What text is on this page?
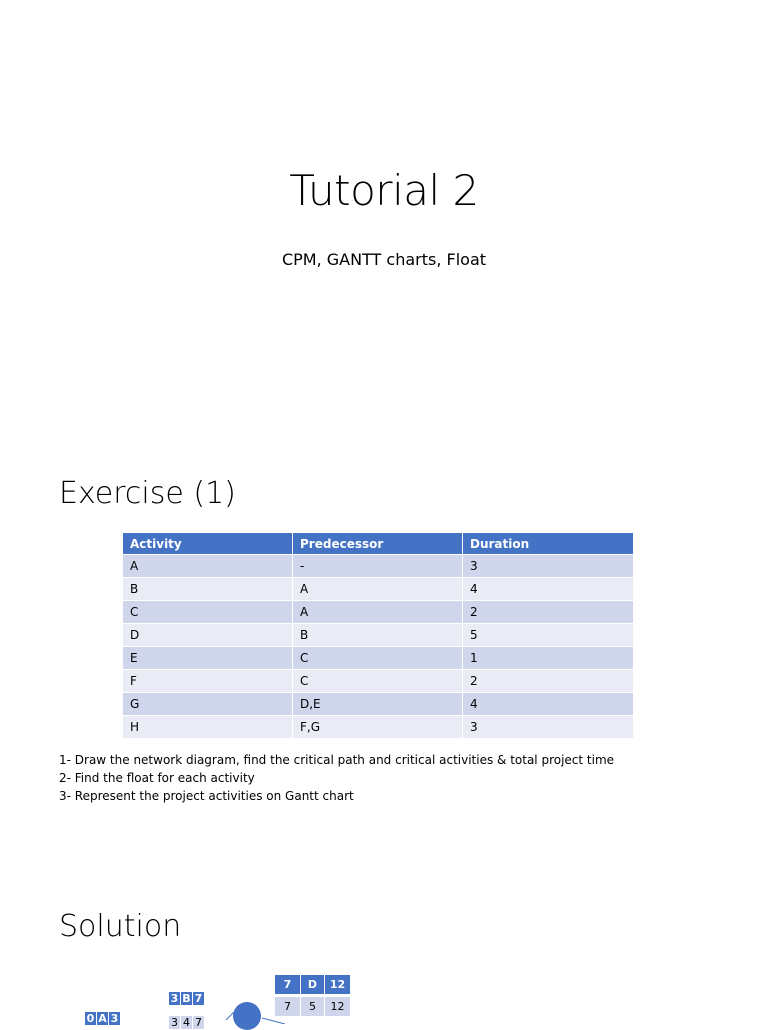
Tutorial 2
CPM, GANTT charts, Float
Exercise (1)
Activity	Predecessor	Duration
A	-	3
B	A	4
C	A	2
D	B	5
E	C	1
F	C	2
G	D,E	4
H	F,G	3
1- Draw the network diagram, find the critical path and critical activities & total project time
2- Find the float for each activity
3- Represent the project activities on Gantt chart
Solution
0 A 3
3 B 7
3 4 7
7	D	12
7	5	12
